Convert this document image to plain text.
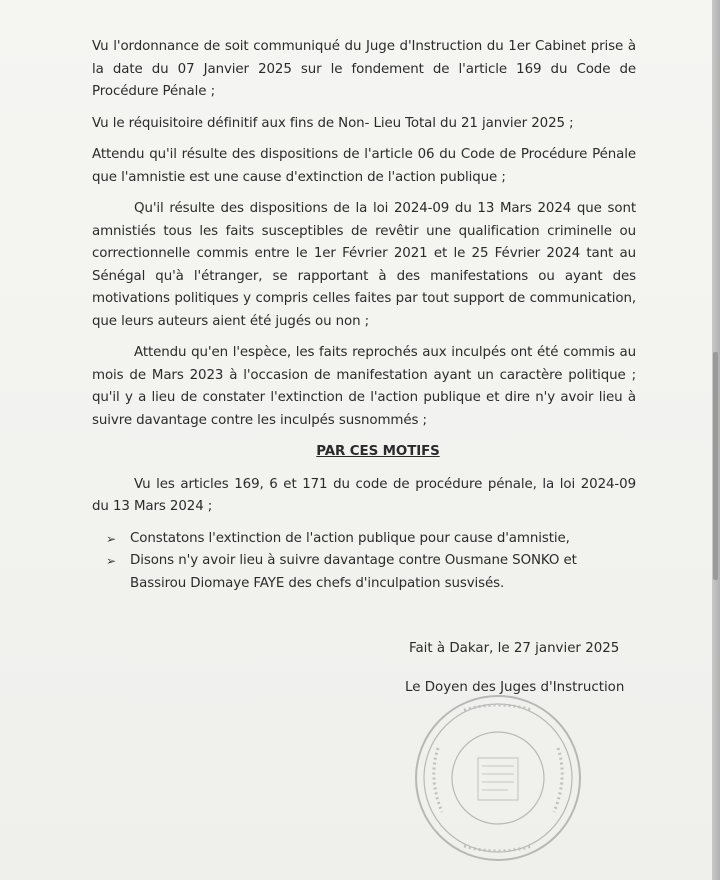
Vu l'ordonnance de soit communiqué du Juge d'Instruction du 1er Cabinet prise à la date du 07 Janvier 2025 sur le fondement de l'article 169 du Code de Procédure Pénale ;

Vu le réquisitoire définitif aux fins de Non- Lieu Total du 21 janvier 2025 ;

Attendu qu'il résulte des dispositions de l'article 06 du Code de Procédure Pénale que l'amnistie est une cause d'extinction de l'action publique ;

Qu'il résulte des dispositions de la loi 2024-09 du 13 Mars 2024 que sont amnistiés tous les faits susceptibles de revêtir une qualification criminelle ou correctionnelle commis entre le 1er Février 2021 et le 25 Février 2024 tant au Sénégal qu'à l'étranger, se rapportant à des manifestations ou ayant des motivations politiques y compris celles faites par tout support de communication, que leurs auteurs aient été jugés ou non ;

Attendu qu'en l'espèce, les faits reprochés aux inculpés ont été commis au mois de Mars 2023 à l'occasion de manifestation ayant un caractère politique ; qu'il y a lieu de constater l'extinction de l'action publique et dire n'y avoir lieu à suivre davantage contre les inculpés susnommés ;

PAR CES MOTIFS

Vu les articles 169, 6 et 171 du code de procédure pénale, la loi 2024-09 du 13 Mars 2024 ;

➢ Constatons l'extinction de l'action publique pour cause d'amnistie,
➢ Disons n'y avoir lieu à suivre davantage contre Ousmane SONKO et Bassirou Diomaye FAYE des chefs d'inculpation susvisés.
Fait à Dakar, le 27 janvier 2025
Le Doyen des Juges d'Instruction
